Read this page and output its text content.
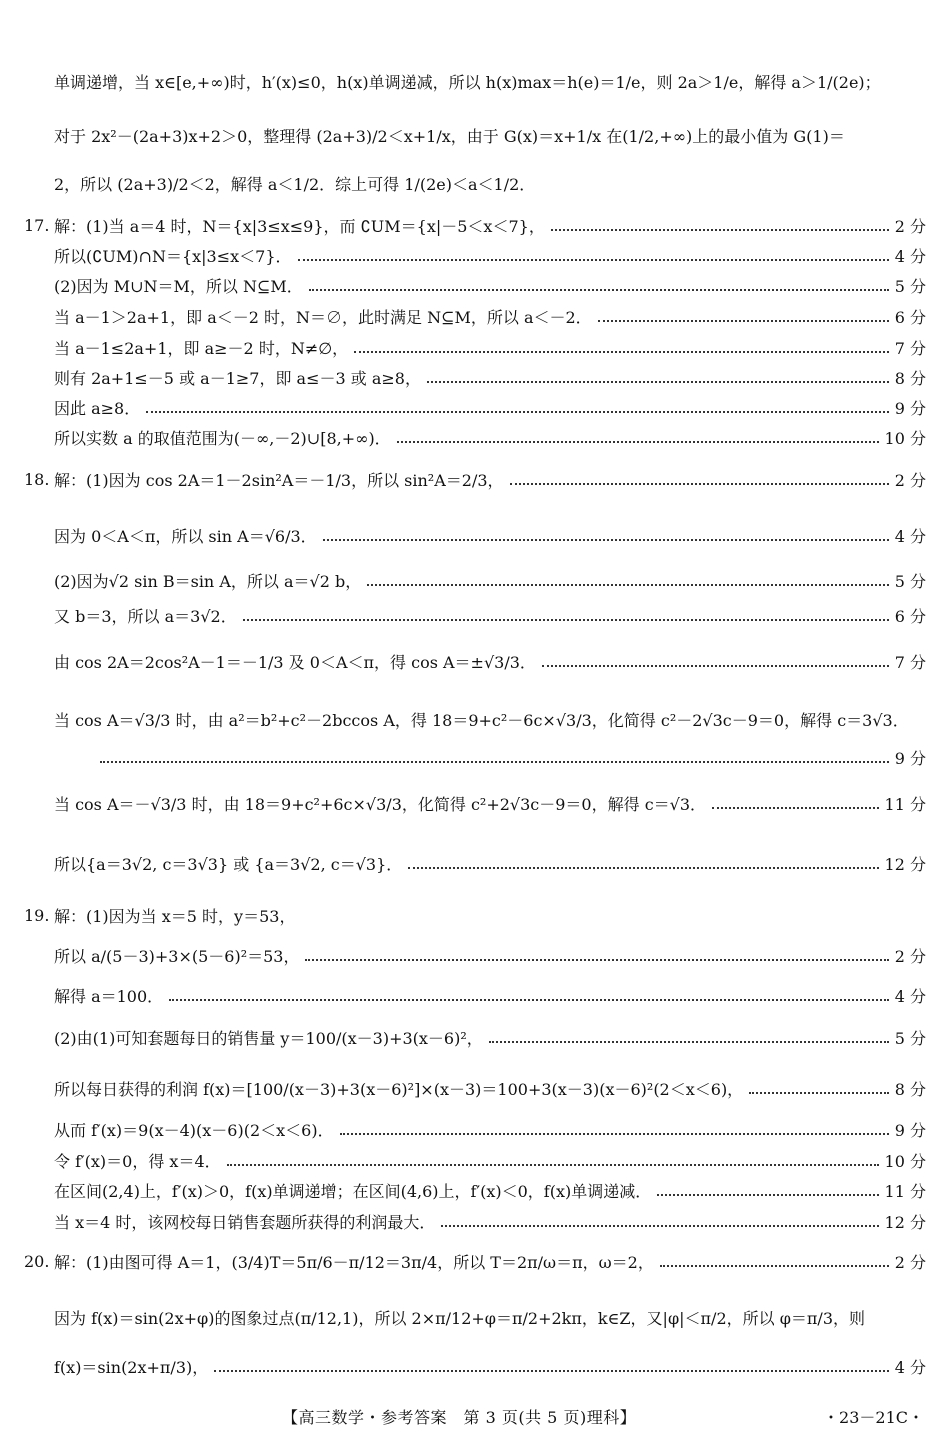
单调递增，当 x∈[e,+∞)时，h′(x)≤0，h(x)单调递减，所以 h(x)max＝h(e)＝1/e，则 2a＞1/e，解得 a＞1/(2e)；
对于 2x²－(2a+3)x+2＞0，整理得 (2a+3)/2＜x+1/x，由于 G(x)＝x+1/x 在(1/2,+∞)上的最小值为 G(1)＝
2，所以 (2a+3)/2＜2，解得 a＜1/2．综上可得 1/(2e)＜a＜1/2．
17. 解：(1)当 a＝4 时，N＝{x|3≤x≤9}，而 ∁UM＝{x|－5＜x＜7}，	2 分
所以(∁UM)∩N＝{x|3≤x＜7}．	4 分
(2)因为 M∪N＝M，所以 N⊆M．	5 分
当 a－1＞2a+1，即 a＜－2 时，N＝∅，此时满足 N⊆M，所以 a＜－2．	6 分
当 a－1≤2a+1，即 a≥－2 时，N≠∅，	7 分
则有 2a+1≤－5 或 a－1≥7，即 a≤－3 或 a≥8，	8 分
因此 a≥8．	9 分
所以实数 a 的取值范围为(－∞,－2)∪[8,+∞)．	10 分
18. 解：(1)因为 cos 2A＝1－2sin²A＝－1/3，所以 sin²A＝2/3，	2 分
因为 0＜A＜π，所以 sin A＝√6/3．	4 分
(2)因为√2 sin B＝sin A，所以 a＝√2 b，	5 分
又 b＝3，所以 a＝3√2．	6 分
由 cos 2A＝2cos²A－1＝－1/3 及 0＜A＜π，得 cos A＝±√3/3．	7 分
当 cos A＝√3/3 时，由 a²＝b²+c²－2bccos A，得 18＝9+c²－6c×√3/3，化简得 c²－2√3c－9＝0，解得 c＝3√3．
9 分
当 cos A＝－√3/3 时，由 18＝9+c²+6c×√3/3，化简得 c²+2√3c－9＝0，解得 c＝√3．	11 分
所以{a＝3√2, c＝3√3} 或 {a＝3√2, c＝√3}．	12 分
19. 解：(1)因为当 x＝5 时，y＝53，
所以 a/(5－3)+3×(5－6)²＝53，	2 分
解得 a＝100．	4 分
(2)由(1)可知套题每日的销售量 y＝100/(x－3)+3(x－6)²，	5 分
所以每日获得的利润 f(x)＝[100/(x－3)+3(x－6)²]×(x－3)＝100+3(x－3)(x－6)²(2＜x＜6)，	8 分
从而 f′(x)＝9(x－4)(x－6)(2＜x＜6)．	9 分
令 f′(x)＝0，得 x＝4．	10 分
在区间(2,4)上，f′(x)＞0，f(x)单调递增；在区间(4,6)上，f′(x)＜0，f(x)单调递减．	11 分
当 x＝4 时，该网校每日销售套题所获得的利润最大．	12 分
20. 解：(1)由图可得 A＝1，(3/4)T＝5π/6－π/12＝3π/4，所以 T＝2π/ω＝π，ω＝2，	2 分
因为 f(x)＝sin(2x+φ)的图象过点(π/12,1)，所以 2×π/12+φ＝π/2+2kπ，k∈Z，又|φ|＜π/2，所以 φ＝π/3，则
f(x)＝sin(2x+π/3)，	4 分
【高三数学・参考答案　第 3 页(共 5 页)理科】	・23－21C・
